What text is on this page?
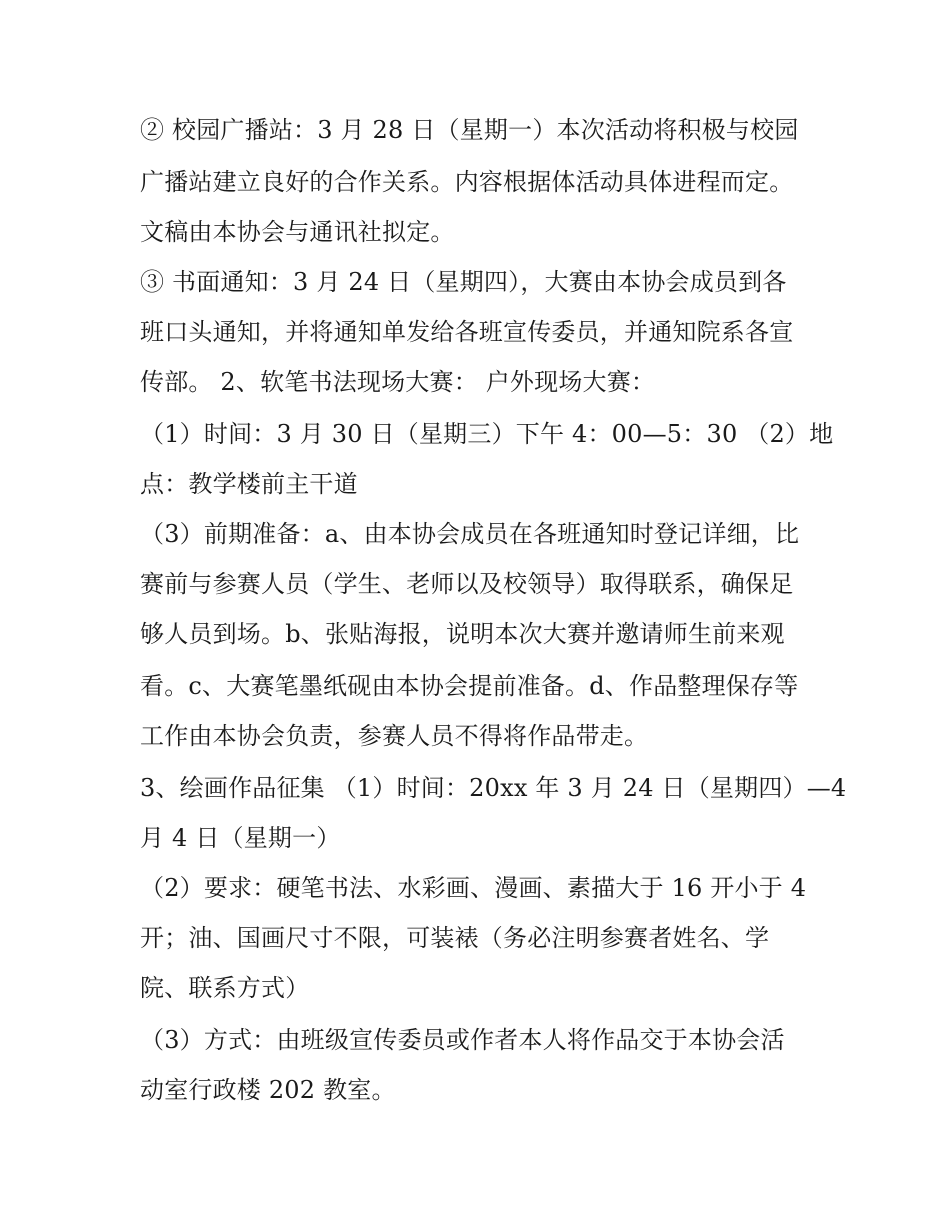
② 校园广播站：3 月 28 日（星期一）本次活动将积极与校园
广播站建立良好的合作关系。内容根据体活动具体进程而定。
文稿由本协会与通讯社拟定。
③ 书面通知：3 月 24 日（星期四），大赛由本协会成员到各
班口头通知，并将通知单发给各班宣传委员，并通知院系各宣
传部。 2、软笔书法现场大赛： 户外现场大赛：
（1）时间：3 月 30 日（星期三）下午 4：00—5：30 （2）地
点：教学楼前主干道
（3）前期准备：a、由本协会成员在各班通知时登记详细，比
赛前与参赛人员（学生、老师以及校领导）取得联系，确保足
够人员到场。b、张贴海报，说明本次大赛并邀请师生前来观
看。c、大赛笔墨纸砚由本协会提前准备。d、作品整理保存等
工作由本协会负责，参赛人员不得将作品带走。
3、绘画作品征集 （1）时间：20xx 年 3 月 24 日（星期四）—4
月 4 日（星期一）
（2）要求：硬笔书法、水彩画、漫画、素描大于 16 开小于 4
开；油、国画尺寸不限，可装裱（务必注明参赛者姓名、学
院、联系方式）
（3）方式：由班级宣传委员或作者本人将作品交于本协会活
动室行政楼 202 教室。
